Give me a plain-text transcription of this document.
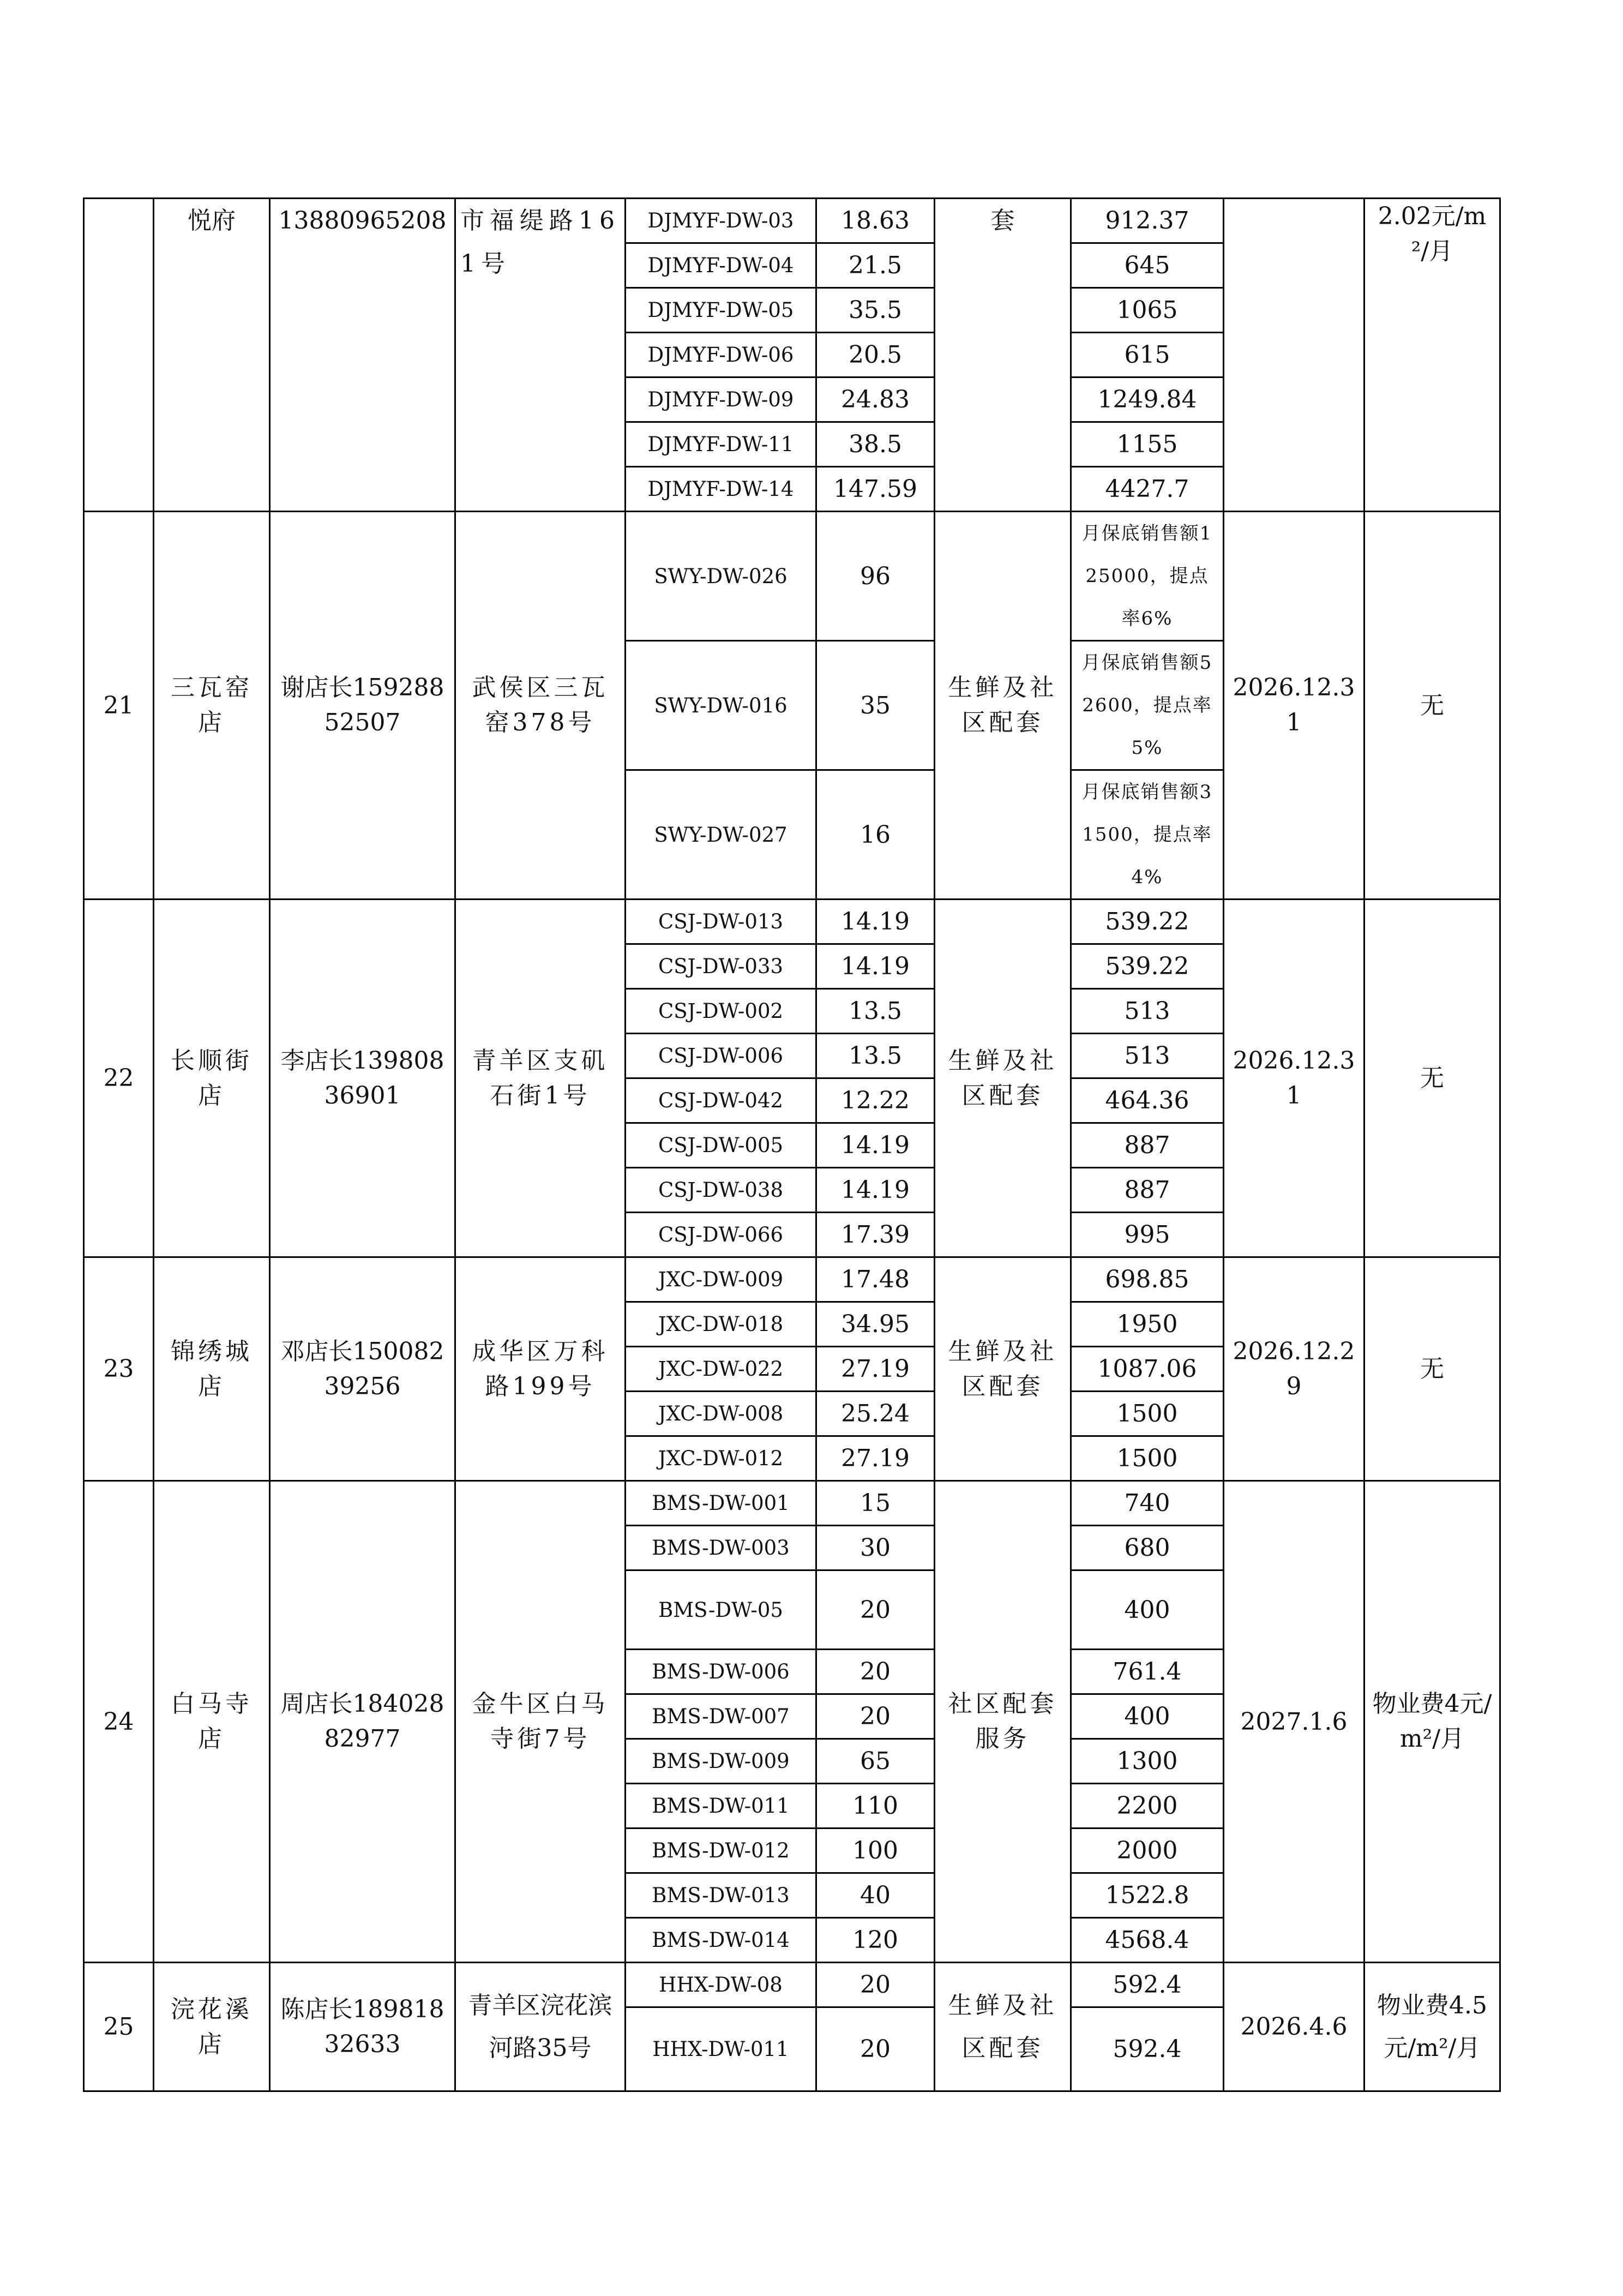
	悦府	13880965208	市福缇路161号	DJMYF-DW-03	18.63	套	912.37		2.02元/m²/月
				DJMYF-DW-04	21.5		645		
				DJMYF-DW-05	35.5		1065		
				DJMYF-DW-06	20.5		615		
				DJMYF-DW-09	24.83		1249.84		
				DJMYF-DW-11	38.5		1155		
				DJMYF-DW-14	147.59		4427.7		
21	三瓦窑店	谢店长15928852507	武侯区三瓦窑378号	SWY-DW-026	96	生鲜及社区配套	月保底销售额125000，提点率6%	2026.12.31	无
				SWY-DW-016	35		月保底销售额52600，提点率5%		
				SWY-DW-027	16		月保底销售额31500，提点率4%		
22	长顺街店	李店长13980836901	青羊区支矶石街1号	CSJ-DW-013	14.19	生鲜及社区配套	539.22	2026.12.31	无
				CSJ-DW-033	14.19		539.22		
				CSJ-DW-002	13.5		513		
				CSJ-DW-006	13.5		513		
				CSJ-DW-042	12.22		464.36		
				CSJ-DW-005	14.19		887		
				CSJ-DW-038	14.19		887		
				CSJ-DW-066	17.39		995		
23	锦绣城店	邓店长15008239256	成华区万科路199号	JXC-DW-009	17.48	生鲜及社区配套	698.85	2026.12.29	无
				JXC-DW-018	34.95		1950		
				JXC-DW-022	27.19		1087.06		
				JXC-DW-008	25.24		1500		
				JXC-DW-012	27.19		1500		
24	白马寺店	周店长18402882977	金牛区白马寺街7号	BMS-DW-001	15	社区配套服务	740	2027.1.6	物业费4元/m²/月
				BMS-DW-003	30		680		
				BMS-DW-05	20		400		
				BMS-DW-006	20		761.4		
				BMS-DW-007	20		400		
				BMS-DW-009	65		1300		
				BMS-DW-011	110		2200		
				BMS-DW-012	100		2000		
				BMS-DW-013	40		1522.8		
				BMS-DW-014	120		4568.4		
25	浣花溪店	陈店长18981832633	青羊区浣花滨河路35号	HHX-DW-08	20	生鲜及社区配套	592.4	2026.4.6	物业费4.5元/m²/月
				HHX-DW-011	20		592.4		
